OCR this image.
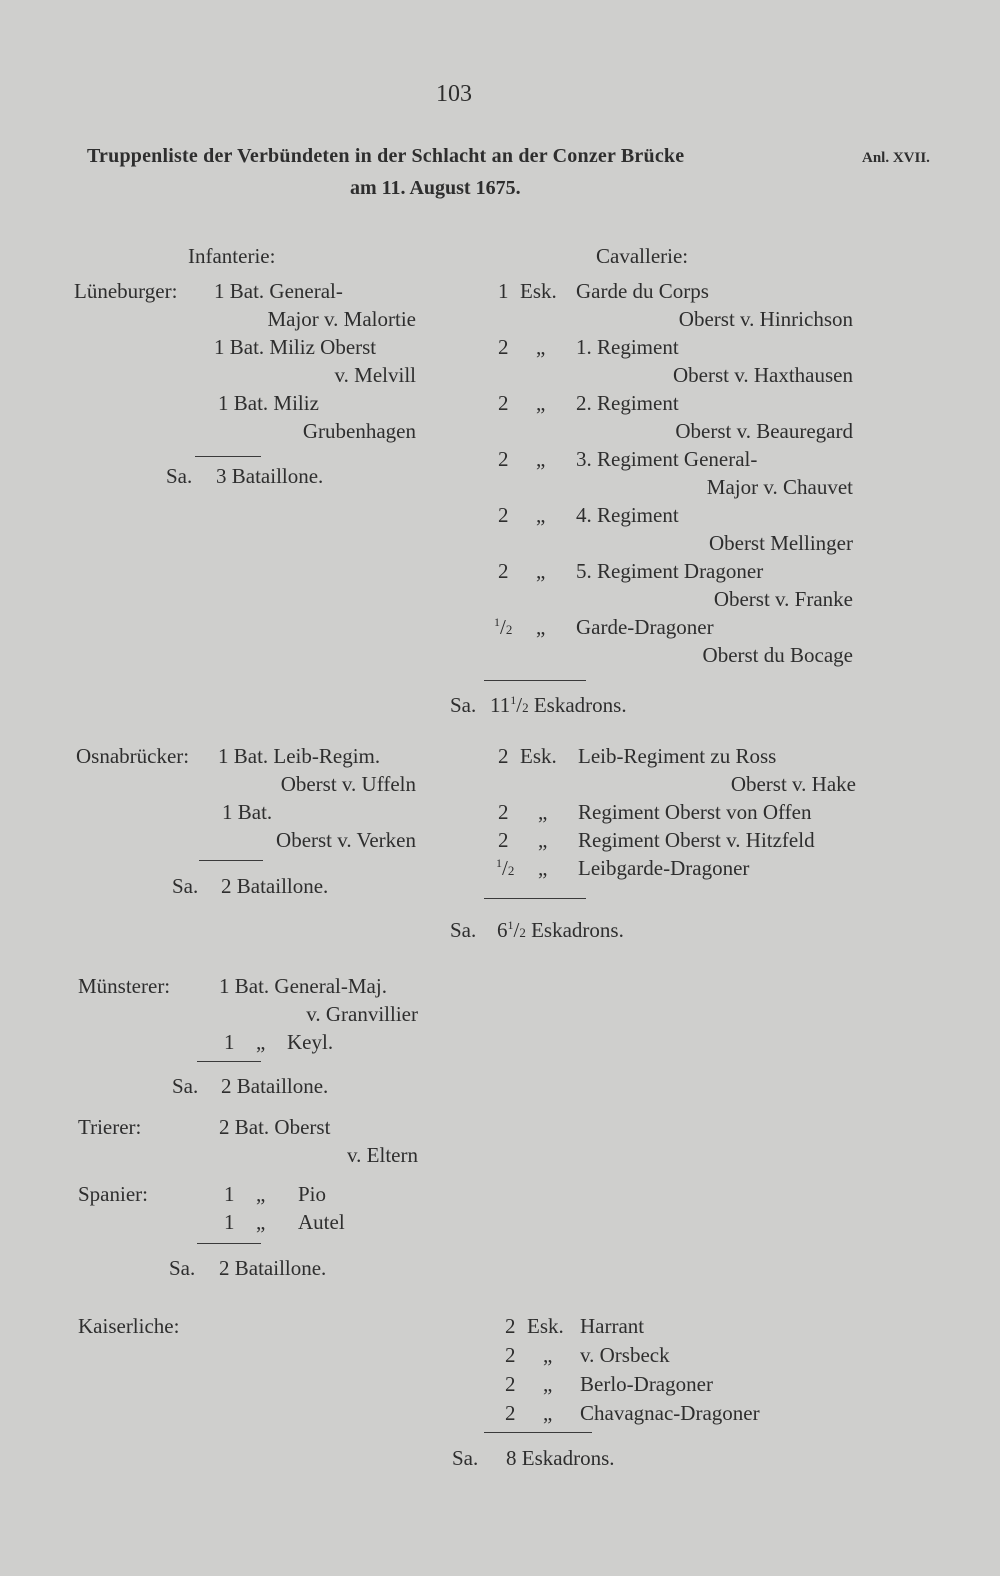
103
Truppenliste der Verbündeten in der Schlacht an der Conzer Brücke	Anl. XVII.
am 11. August 1675.
Infanterie:	Cavallerie:
Lüneburger: 1 Bat. General-
Major v. Malortie
1 Bat. Miliz Oberst
v. Melvill
1 Bat. Miliz
Grubenhagen
Sa. 3 Bataillone.
1 Esk. Garde du Corps
Oberst v. Hinrichson
2 „ 1. Regiment
Oberst v. Haxthausen
2 „ 2. Regiment
Oberst v. Beauregard
2 „ 3. Regiment General-
Major v. Chauvet
2 „ 4. Regiment
Oberst Mellinger
2 „ 5. Regiment Dragoner
Oberst v. Franke
$^1$/2 „ Garde-Dragoner
Oberst du Bocage
Sa. $11^1/2$ Eskadrons.
Osnabrücker: 1 Bat. Leib-Regim.
Oberst v. Uffeln
1 Bat.
Oberst v. Verken
Sa. 2 Bataillone.
2 Esk. Leib-Regiment zu Ross
Oberst v. Hake
2 „ Regiment Oberst von Offen
2 „ Regiment Oberst v. Hitzfeld
$^1$/2 „ Leibgarde-Dragoner
Sa. $6^1/2$ Eskadrons.
Münsterer: 1 Bat. General-Maj.
v. Granvillier
1 „ Keyl.
Sa. 2 Bataillone.
Trierer:	2 Bat. Oberst
v. Eltern
Spanier:	1 „ Pio
1 „ Autel
Sa. 2 Bataillone.
Kaiserliche:	2 Esk. Harrant
2 „ v. Orsbeck
2 „ Berlo-Dragoner
2 „ Chavagnac-Dragoner
Sa. 8 Eskadrons.
